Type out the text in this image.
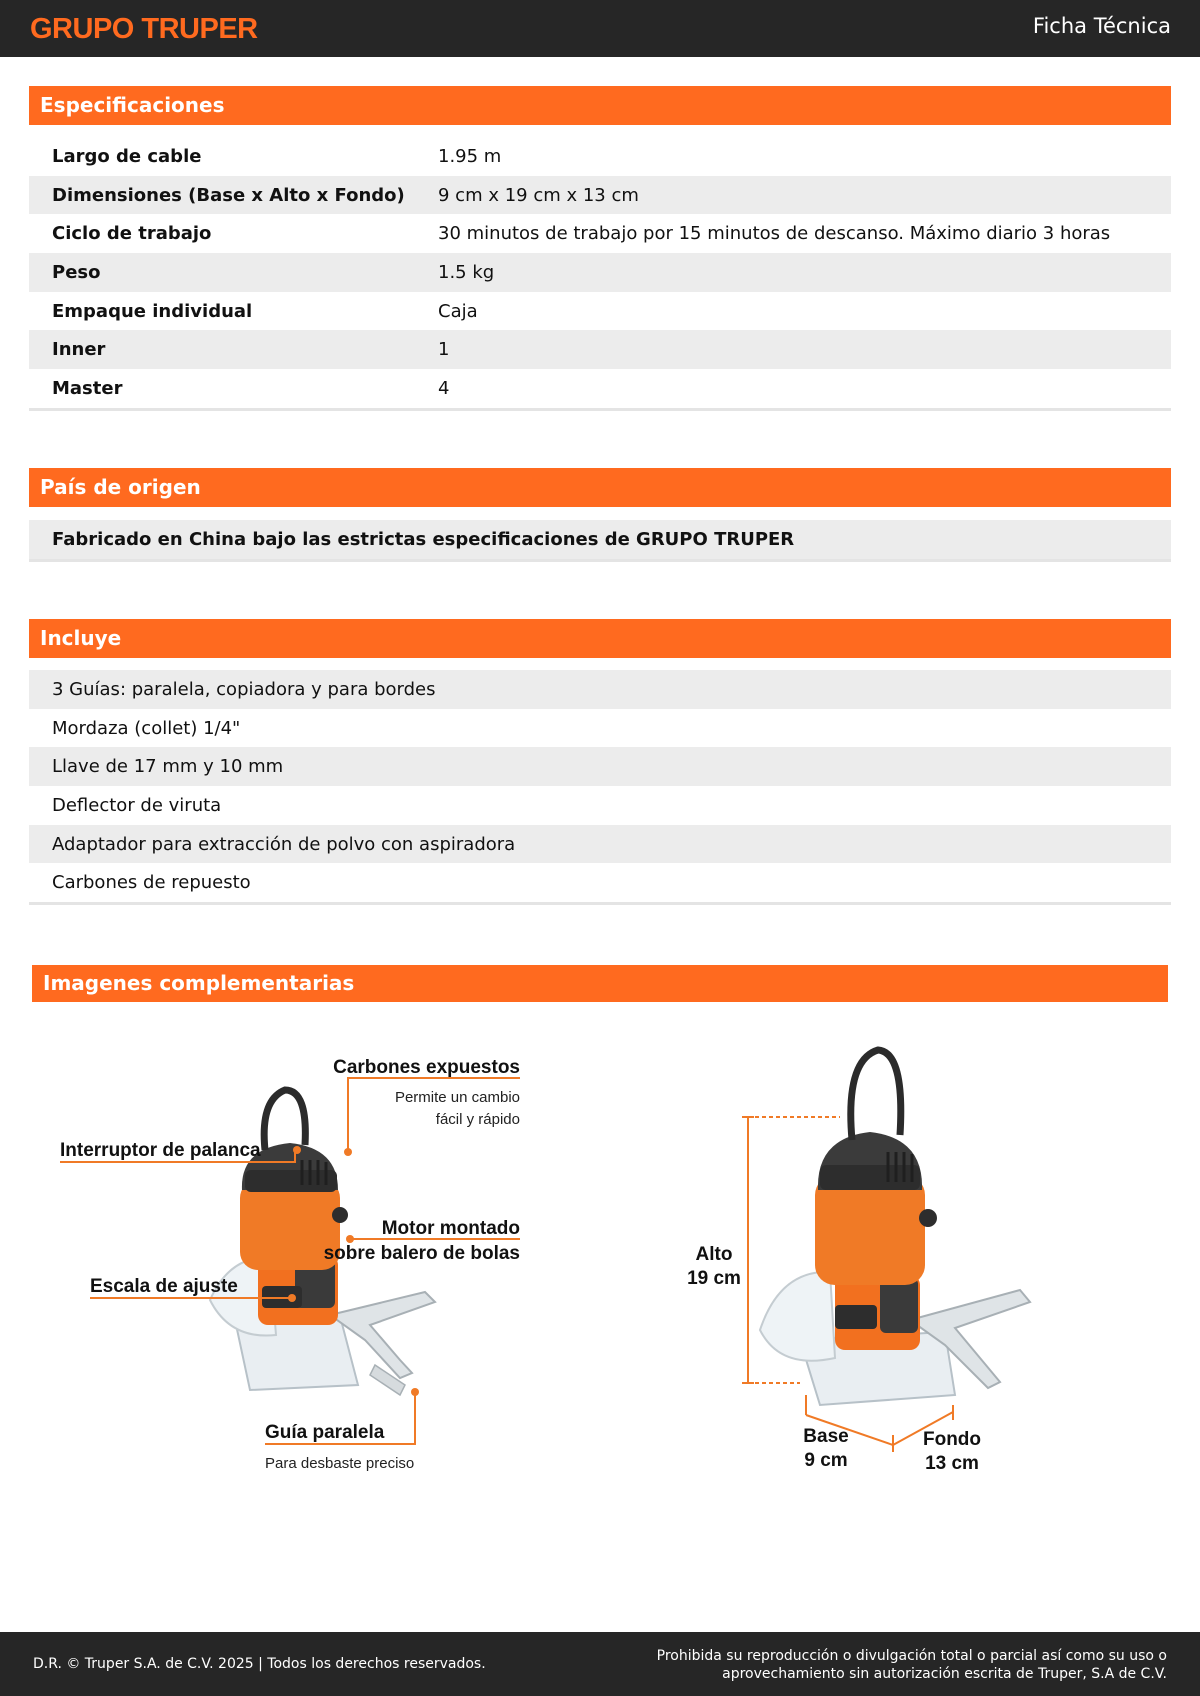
GRUPO TRUPER	Ficha Técnica
Especificaciones
Largo de cable	1.95 m
Dimensiones (Base x Alto x Fondo)	9 cm x 19 cm x 13 cm
Ciclo de trabajo	30 minutos de trabajo por 15 minutos de descanso. Máximo diario 3 horas
Peso	1.5 kg
Empaque individual	Caja
Inner	1
Master	4
País de origen
Fabricado en China bajo las estrictas especificaciones de GRUPO TRUPER
Incluye
3 Guías: paralela, copiadora y para bordes
Mordaza (collet) 1/4"
Llave de 17 mm y 10 mm
Deflector de viruta
Adaptador para extracción de polvo con aspiradora
Carbones de repuesto
Imagenes complementarias
Carbones expuestos
Permite un cambio
fácil y rápido
Interruptor de palanca
Motor montado
sobre balero de bolas
Escala de ajuste
Guía paralela
Para desbaste preciso
Alto
19 cm
Base
9 cm
Fondo
13 cm
D.R. © Truper S.A. de C.V. 2025 | Todos los derechos reservados.	Prohibida su reproducción o divulgación total o parcial así como su uso o
aprovechamiento sin autorización escrita de Truper, S.A de C.V.
